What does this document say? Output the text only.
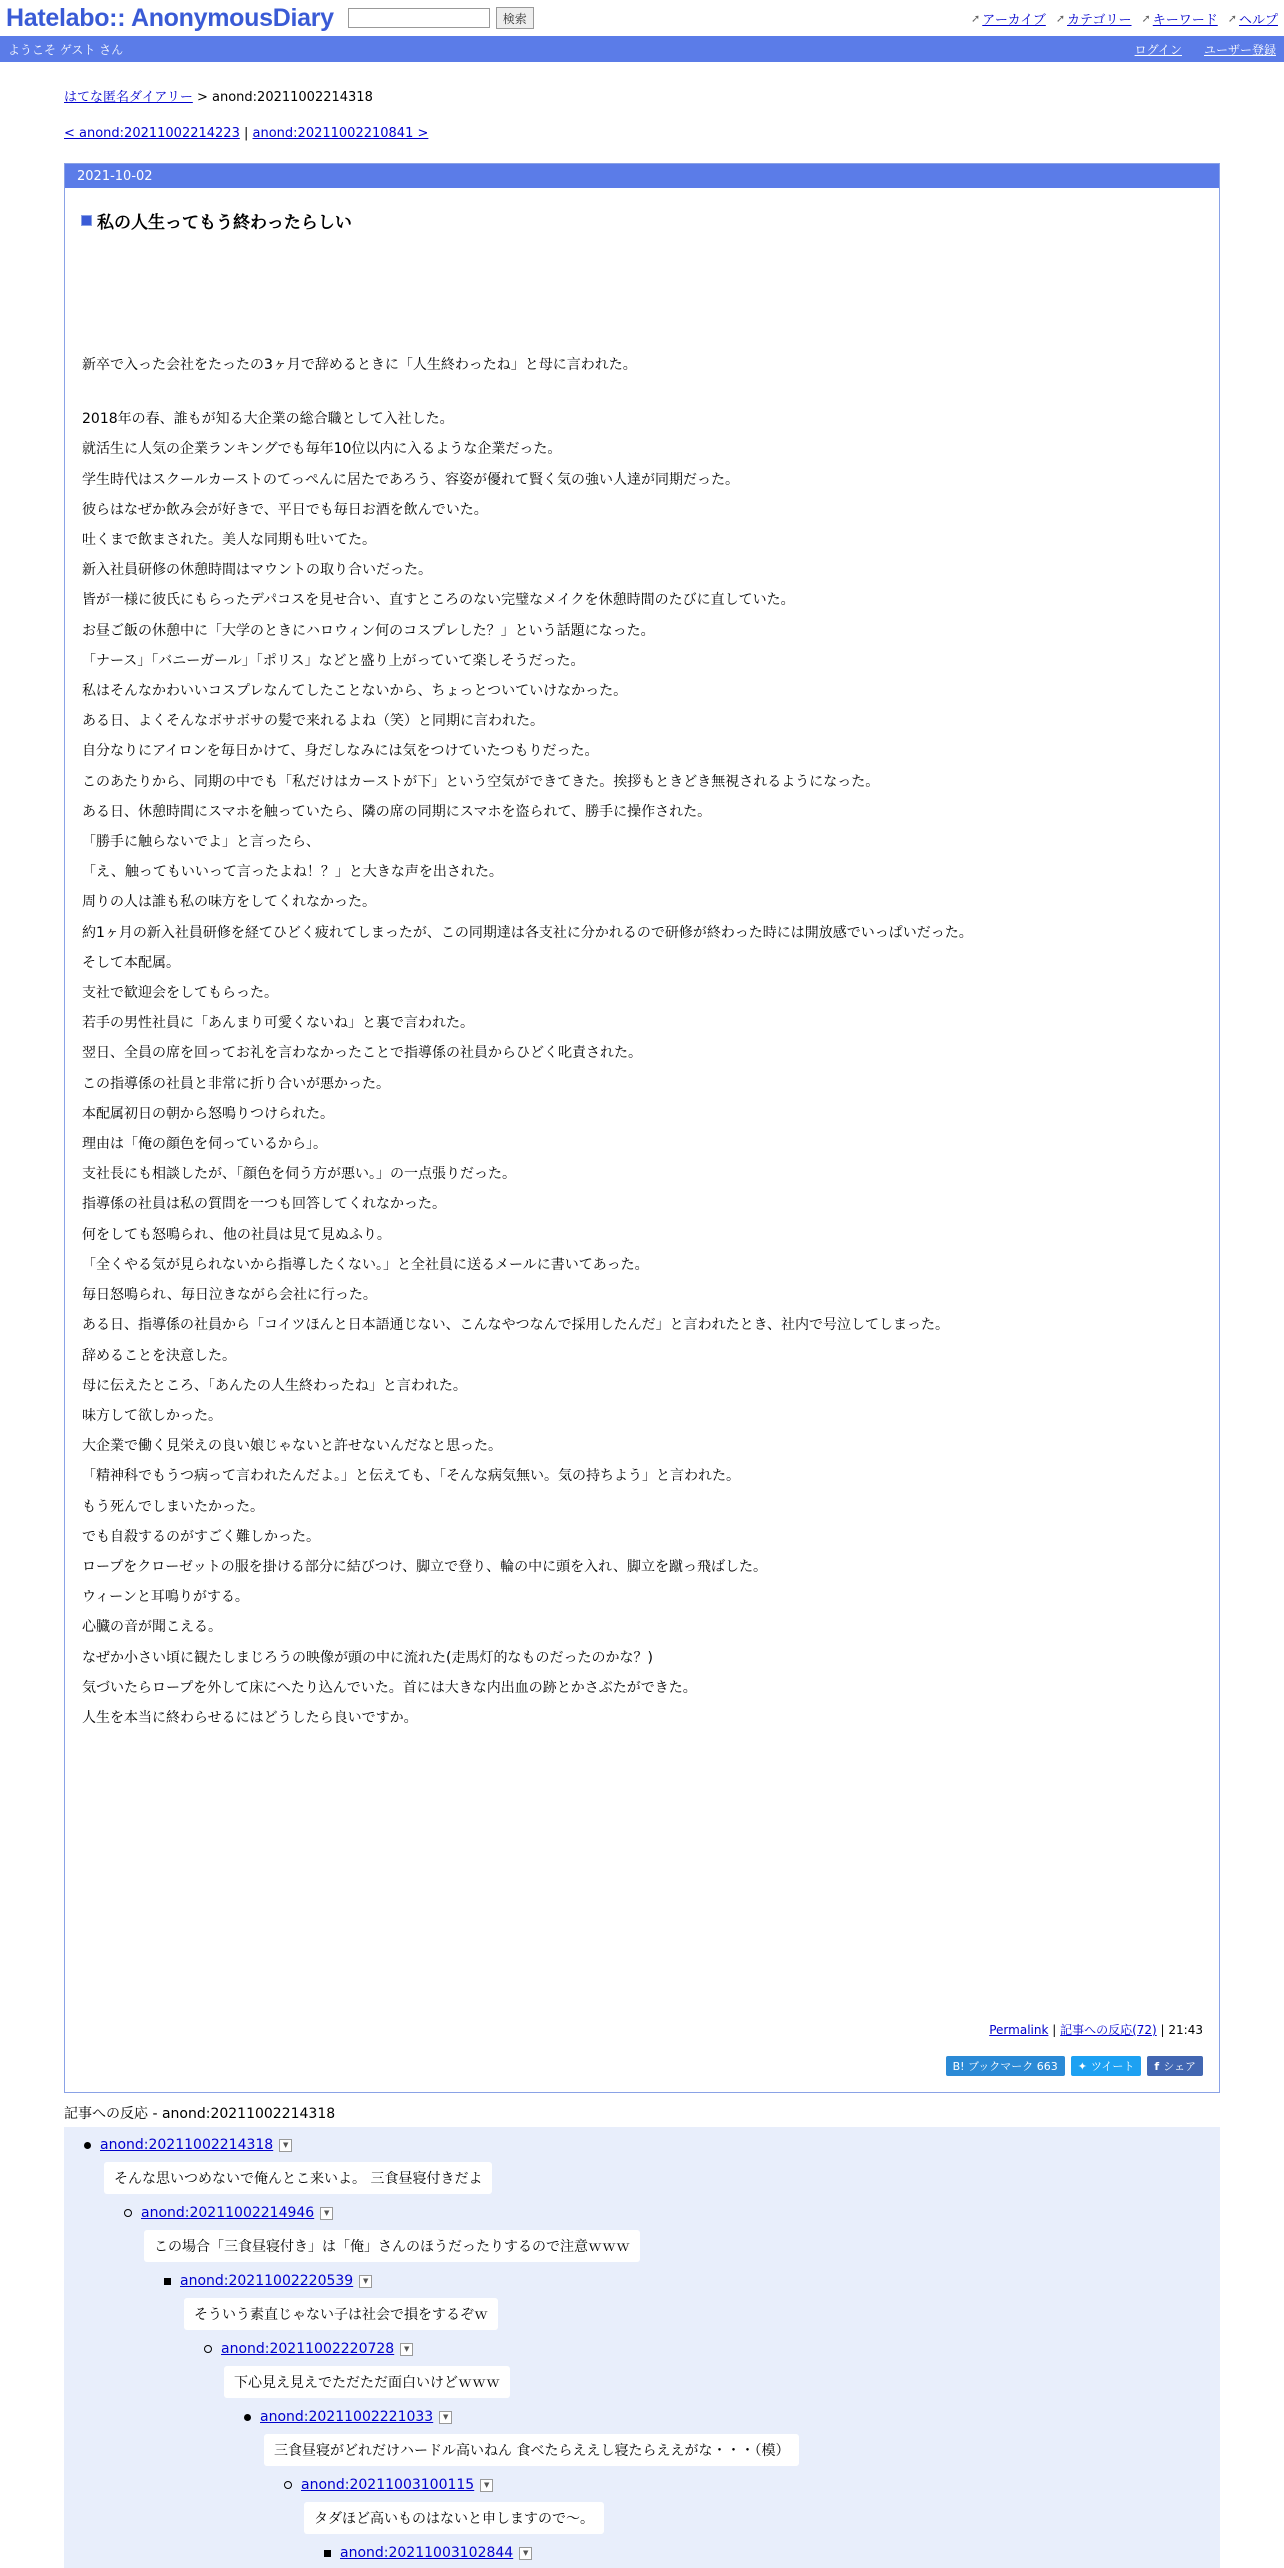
Hatelabo:: AnonymousDiary	検索	➚ アーカイブ ➚ カテゴリー ➚ キーワード ➚ ヘルプ
ようこそ ゲスト さん	ログイン ユーザー登録
はてな匿名ダイアリー > anond:20211002214318
< anond:20211002214223 | anond:20211002210841 >
2021-10-02
私の人生ってもう終わったらしい

新卒で入った会社をたったの3ヶ月で辞めるときに「人生終わったね」と母に言われた。

2018年の春、誰もが知る大企業の総合職として入社した。

就活生に人気の企業ランキングでも毎年10位以内に入るような企業だった。

学生時代はスクールカーストのてっぺんに居たであろう、容姿が優れて賢く気の強い人達が同期だった。

彼らはなぜか飲み会が好きで、平日でも毎日お酒を飲んでいた。

吐くまで飲まされた。美人な同期も吐いてた。

新入社員研修の休憩時間はマウントの取り合いだった。

皆が一様に彼氏にもらったデパコスを見せ合い、直すところのない完璧なメイクを休憩時間のたびに直していた。

お昼ご飯の休憩中に「大学のときにハロウィン何のコスプレした？」という話題になった。

「ナース」「バニーガール」「ポリス」などと盛り上がっていて楽しそうだった。

私はそんなかわいいコスプレなんてしたことないから、ちょっとついていけなかった。

ある日、よくそんなボサボサの髪で来れるよね（笑）と同期に言われた。

自分なりにアイロンを毎日かけて、身だしなみには気をつけていたつもりだった。

このあたりから、同期の中でも「私だけはカーストが下」という空気ができてきた。挨拶もときどき無視されるようになった。

ある日、休憩時間にスマホを触っていたら、隣の席の同期にスマホを盗られて、勝手に操作された。

「勝手に触らないでよ」と言ったら、

「え、触ってもいいって言ったよね！？」と大きな声を出された。

周りの人は誰も私の味方をしてくれなかった。

約1ヶ月の新入社員研修を経てひどく疲れてしまったが、この同期達は各支社に分かれるので研修が終わった時には開放感でいっぱいだった。

そして本配属。

支社で歓迎会をしてもらった。

若手の男性社員に「あんまり可愛くないね」と裏で言われた。

翌日、全員の席を回ってお礼を言わなかったことで指導係の社員からひどく叱責された。

この指導係の社員と非常に折り合いが悪かった。

本配属初日の朝から怒鳴りつけられた。

理由は「俺の顔色を伺っているから」。

支社長にも相談したが、「顔色を伺う方が悪い。」の一点張りだった。

指導係の社員は私の質問を一つも回答してくれなかった。

何をしても怒鳴られ、他の社員は見て見ぬふり。

「全くやる気が見られないから指導したくない。」と全社員に送るメールに書いてあった。

毎日怒鳴られ、毎日泣きながら会社に行った。

ある日、指導係の社員から「コイツほんと日本語通じない、こんなやつなんで採用したんだ」と言われたとき、社内で号泣してしまった。

辞めることを決意した。

母に伝えたところ、「あんたの人生終わったね」と言われた。

味方して欲しかった。

大企業で働く見栄えの良い娘じゃないと許せないんだなと思った。

「精神科でもうつ病って言われたんだよ。」と伝えても、「そんな病気無い。気の持ちよう」と言われた。

もう死んでしまいたかった。

でも自殺するのがすごく難しかった。

ロープをクローゼットの服を掛ける部分に結びつけ、脚立で登り、輪の中に頭を入れ、脚立を蹴っ飛ばした。

ウィーンと耳鳴りがする。

心臓の音が聞こえる。

なぜか小さい頃に観たしまじろうの映像が頭の中に流れた(走馬灯的なものだったのかな？)

気づいたらロープを外して床にへたり込んでいた。首には大きな内出血の跡とかさぶたができた。

人生を本当に終わらせるにはどうしたら良いですか。

Permalink | 記事への反応(72) | 21:43
B! ブックマーク 663	✦ ツイート f シェア
記事への反応 - anond:20211002214318
anond:20211002214318	▼
そんな思いつめないで俺んとこ来いよ。 三食昼寝付きだよ
anond:20211002214946	▼
この場合「三食昼寝付き」は「俺」さんのほうだったりするので注意ｗｗｗ
anond:20211002220539	▼
そういう素直じゃない子は社会で損をするぞｗ
anond:20211002220728	▼
下心見え見えでただただ面白いけどｗｗｗ
anond:20211002221033	▼
三食昼寝がどれだけハードル高いねん 食べたらええし寝たらええがな・・・（模）
anond:20211003100115	▼
タダほど高いものはないと申しますので～。
anond:20211003102844	▼
